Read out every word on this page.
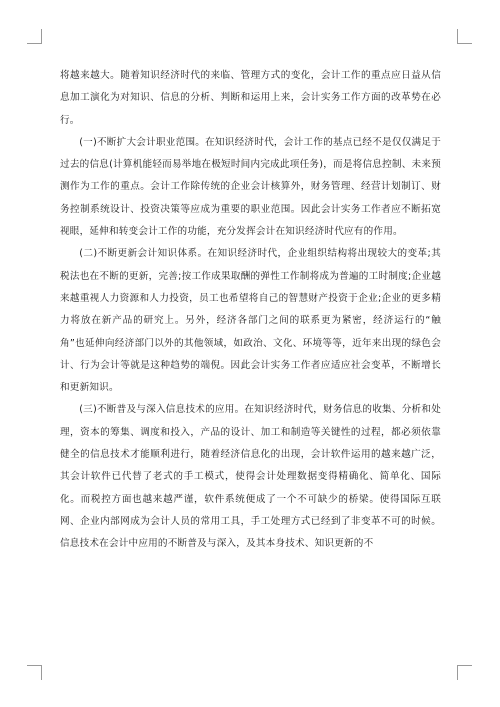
将越来越大。随着知识经济时代的来临、管理方式的变化，会计工作的重点应日益从信息加工演化为对知识、信息的分析、判断和运用上来，会计实务工作方面的改革势在必行。

(一)不断扩大会计职业范围。在知识经济时代，会计工作的基点已经不是仅仅满足于过去的信息(计算机能轻而易举地在极短时间内完成此项任务)，而是将信息控制、未来预测作为工作的重点。会计工作除传统的企业会计核算外，财务管理、经营计划制订、财务控制系统设计、投资决策等应成为重要的职业范围。因此会计实务工作者应不断拓宽视眼，延伸和转变会计工作的功能，充分发挥会计在知识经济时代应有的作用。

(二)不断更新会计知识体系。在知识经济时代，企业组织结构将出现较大的变革;其税法也在不断的更新，完善;按工作成果取酬的弹性工作制将成为普遍的工时制度;企业越来越重视人力资源和人力投资，员工也希望将自己的智慧财产投资于企业;企业的更多精力将放在新产品的研究上。另外，经济各部门之间的联系更为紧密，经济运行的“触角”也延伸向经济部门以外的其他领域，如政治、文化、环境等等，近年来出现的绿色会计、行为会计等就是这种趋势的端倪。因此会计实务工作者应适应社会变革，不断增长和更新知识。

(三)不断普及与深入信息技术的应用。在知识经济时代，财务信息的收集、分析和处理，资本的筹集、调度和投入，产品的设计、加工和制造等关键性的过程，都必须依靠健全的信息技术才能顺利进行，随着经济信息化的出现，会计软件运用的越来越广泛，其会计软件已代替了老式的手工模式，使得会计处理数据变得精确化、简单化、国际化。而税控方面也越来越严谨，软件系统便成了一个不可缺少的桥梁。使得国际互联网、企业内部网成为会计人员的常用工具，手工处理方式已经到了非变革不可的时候。信息技术在会计中应用的不断普及与深入，及其本身技术、知识更新的不
